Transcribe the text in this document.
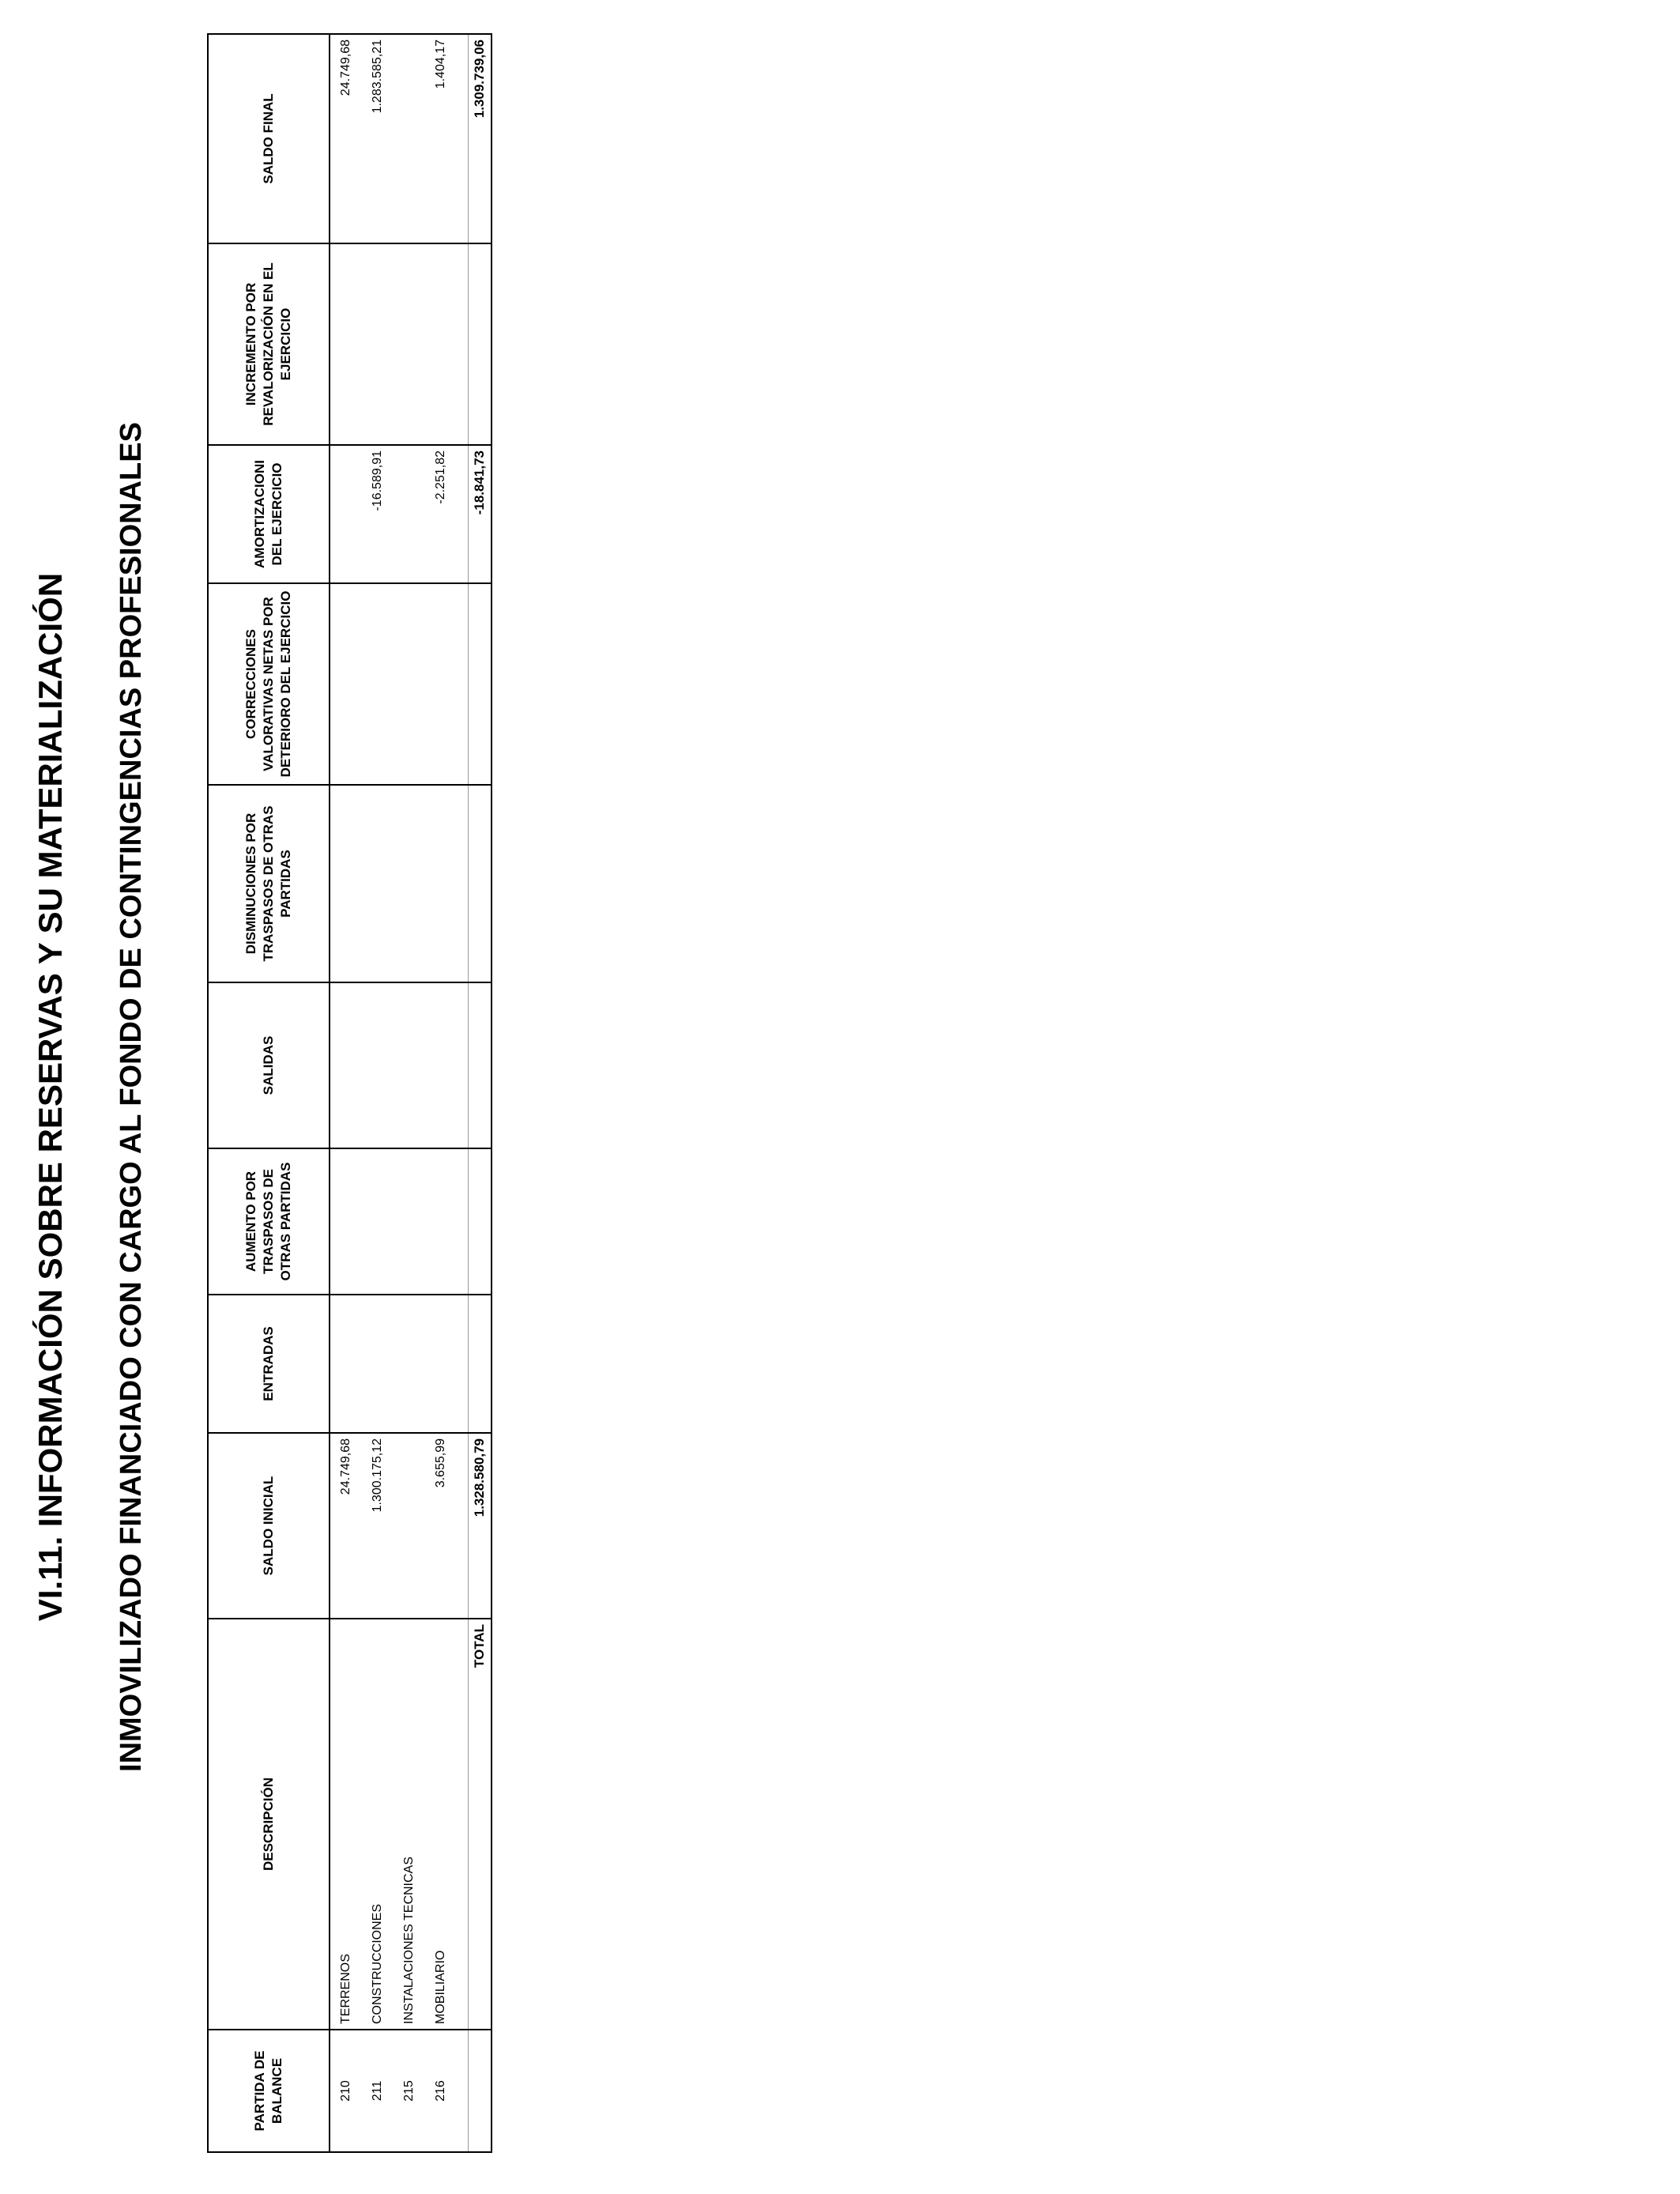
VI.11. INFORMACIÓN SOBRE RESERVAS Y SU MATERIALIZACIÓN INMOVILIZADO FINANCIADO CON CARGO AL FONDO DE CONTINGENCIAS PROFESIONALES
PARTIDA DE BALANCE	DESCRIPCIÓN	SALDO INICIAL	ENTRADAS	AUMENTO POR TRASPASOS DE OTRAS PARTIDAS	SALIDAS	DISMINUCIONES POR TRASPASOS DE OTRAS PARTIDAS	CORRECCIONES VALORATIVAS NETAS POR DETERIORO DEL EJERCICIO	AMORTIZACIONI DEL EJERCICIO	INCREMENTO POR REVALORIZACIÓN EN EL EJERCICIO	SALDO FINAL
210	TERRENOS	24.749,68								24.749,68
211	CONSTRUCCIONES	1.300.175,12						-16.589,91		1.283.585,21
215	INSTALACIONES TECNICAS									
216	MOBILIARIO	3.655,99						-2.251,82		1.404,17

	TOTAL	1.328.580,79						-18.841,73		1.309.739,06
